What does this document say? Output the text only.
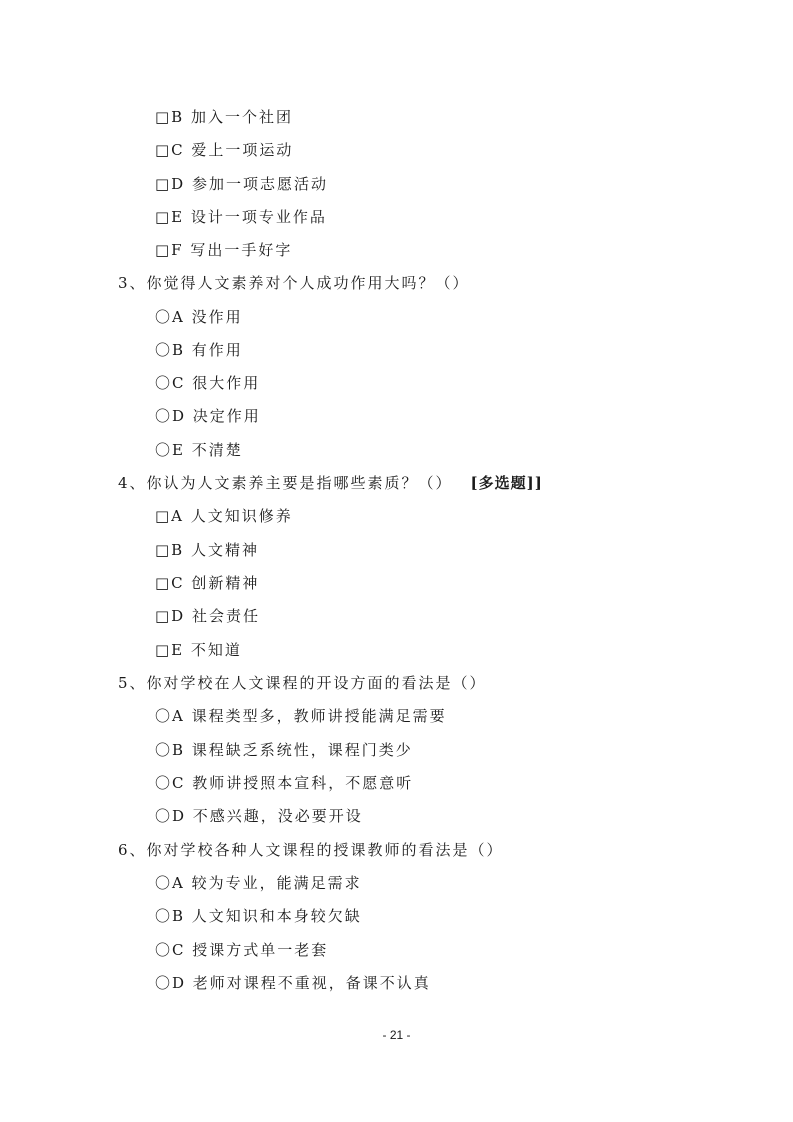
□B 加入一个社团
□C 爱上一项运动
□D 参加一项志愿活动
□E 设计一项专业作品
□F 写出一手好字
3、你觉得人文素养对个人成功作用大吗？（）
〇A 没作用
〇B 有作用
〇C 很大作用
〇D 决定作用
〇E 不清楚
4、你认为人文素养主要是指哪些素质？（） [多选题]]
□A 人文知识修养
□B 人文精神
□C 创新精神
□D 社会责任
□E 不知道
5、你对学校在人文课程的开设方面的看法是（）
〇A 课程类型多，教师讲授能满足需要
〇B 课程缺乏系统性，课程门类少
〇C 教师讲授照本宣科，不愿意听
〇D 不感兴趣，没必要开设
6、你对学校各种人文课程的授课教师的看法是（）
〇A 较为专业，能满足需求
〇B 人文知识和本身较欠缺
〇C 授课方式单一老套
〇D 老师对课程不重视，备课不认真
- 21 -
